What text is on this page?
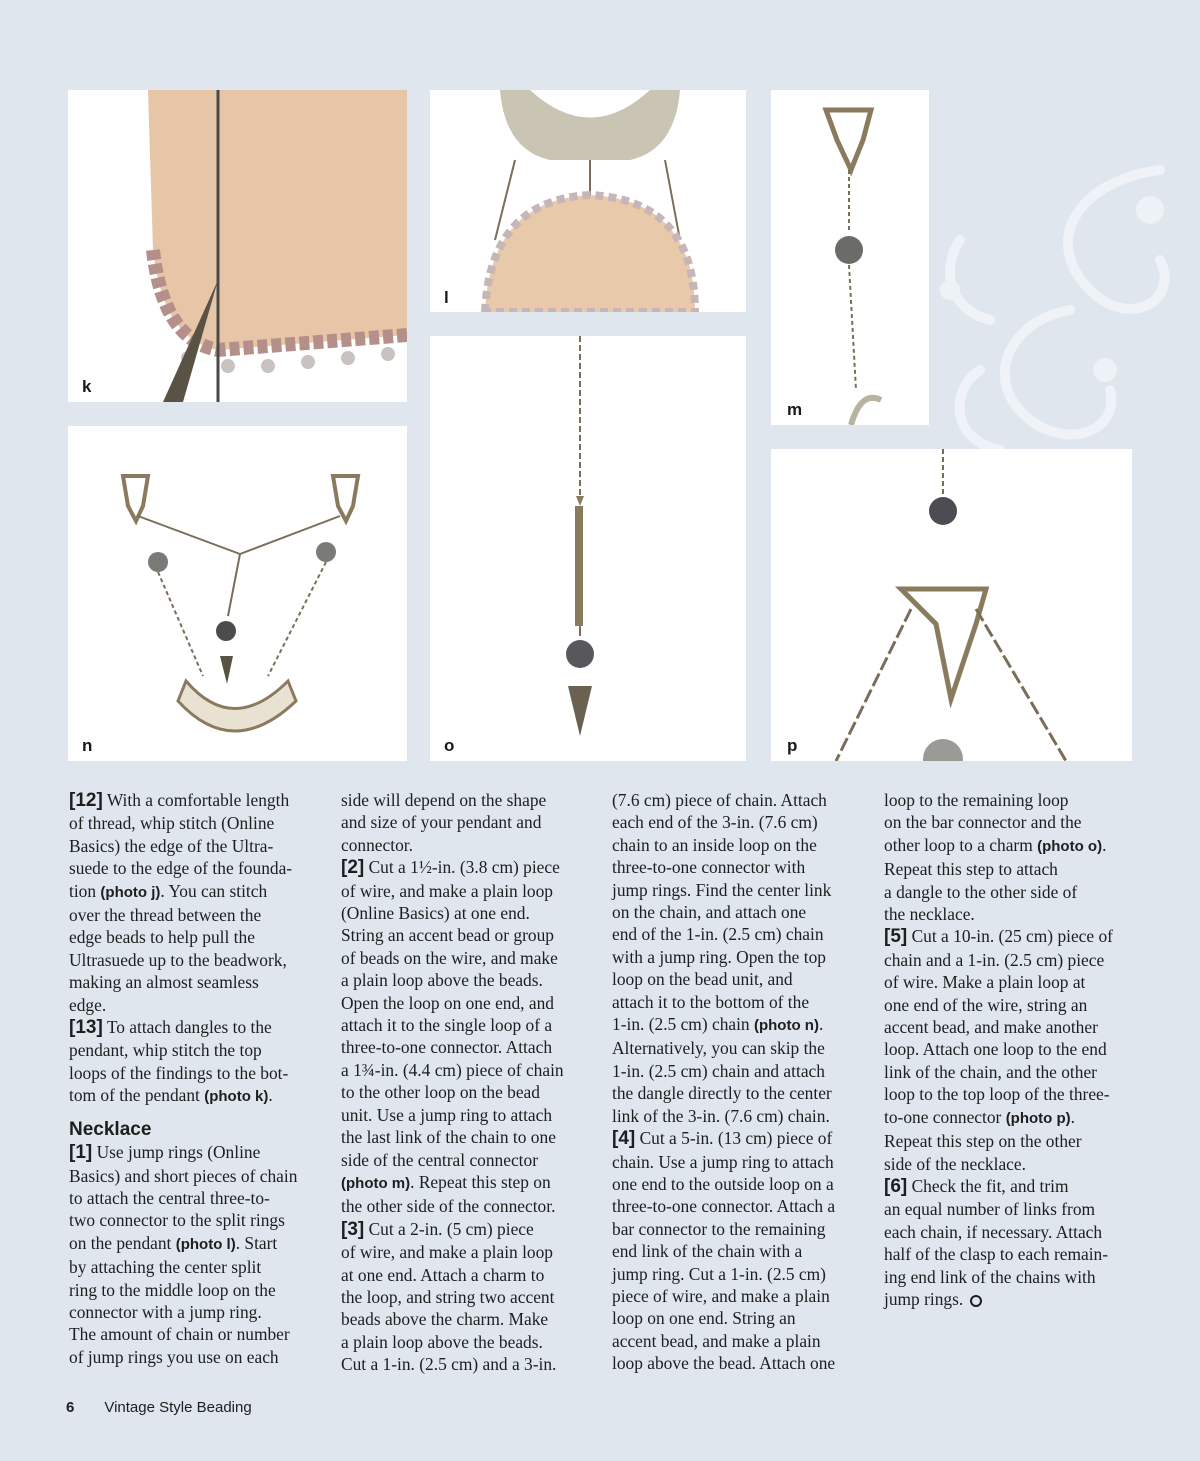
k
l
m
n	o	p
[12] With a comfortable length
of thread, whip stitch (Online
Basics) the edge of the Ultra-
suede to the edge of the founda-
tion (photo j). You can stitch
over the thread between the
edge beads to help pull the
Ultrasuede up to the beadwork,
making an almost seamless
edge.
[13] To attach dangles to the
pendant, whip stitch the top
loops of the findings to the bot-
tom of the pendant (photo k).
Necklace
[1] Use jump rings (Online
Basics) and short pieces of chain
to attach the central three-to-
two connector to the split rings
on the pendant (photo l). Start
by attaching the center split
ring to the middle loop on the
connector with a jump ring.
The amount of chain or number
of jump rings you use on each
side will depend on the shape
and size of your pendant and
connector.
[2] Cut a 1½-in. (3.8 cm) piece
of wire, and make a plain loop
(Online Basics) at one end.
String an accent bead or group
of beads on the wire, and make
a plain loop above the beads.
Open the loop on one end, and
attach it to the single loop of a
three-to-one connector. Attach
a 1¾-in. (4.4 cm) piece of chain
to the other loop on the bead
unit. Use a jump ring to attach
the last link of the chain to one
side of the central connector
(photo m). Repeat this step on
the other side of the connector.
[3] Cut a 2-in. (5 cm) piece
of wire, and make a plain loop
at one end. Attach a charm to
the loop, and string two accent
beads above the charm. Make
a plain loop above the beads.
Cut a 1-in. (2.5 cm) and a 3-in.
(7.6 cm) piece of chain. Attach
each end of the 3-in. (7.6 cm)
chain to an inside loop on the
three-to-one connector with
jump rings. Find the center link
on the chain, and attach one
end of the 1-in. (2.5 cm) chain
with a jump ring. Open the top
loop on the bead unit, and
attach it to the bottom of the
1-in. (2.5 cm) chain (photo n).
Alternatively, you can skip the
1-in. (2.5 cm) chain and attach
the dangle directly to the center
link of the 3-in. (7.6 cm) chain.
[4] Cut a 5-in. (13 cm) piece of
chain. Use a jump ring to attach
one end to the outside loop on a
three-to-one connector. Attach a
bar connector to the remaining
end link of the chain with a
jump ring. Cut a 1-in. (2.5 cm)
piece of wire, and make a plain
loop on one end. String an
accent bead, and make a plain
loop above the bead. Attach one
loop to the remaining loop
on the bar connector and the
other loop to a charm (photo o).
Repeat this step to attach
a dangle to the other side of
the necklace.
[5] Cut a 10-in. (25 cm) piece of
chain and a 1-in. (2.5 cm) piece
of wire. Make a plain loop at
one end of the wire, string an
accent bead, and make another
loop. Attach one loop to the end
link of the chain, and the other
loop to the top loop of the three-
to-one connector (photo p).
Repeat this step on the other
side of the necklace.
[6] Check the fit, and trim
an equal number of links from
each chain, if necessary. Attach
half of the clasp to each remain-
ing end link of the chains with
jump rings.
6 Vintage Style Beading
